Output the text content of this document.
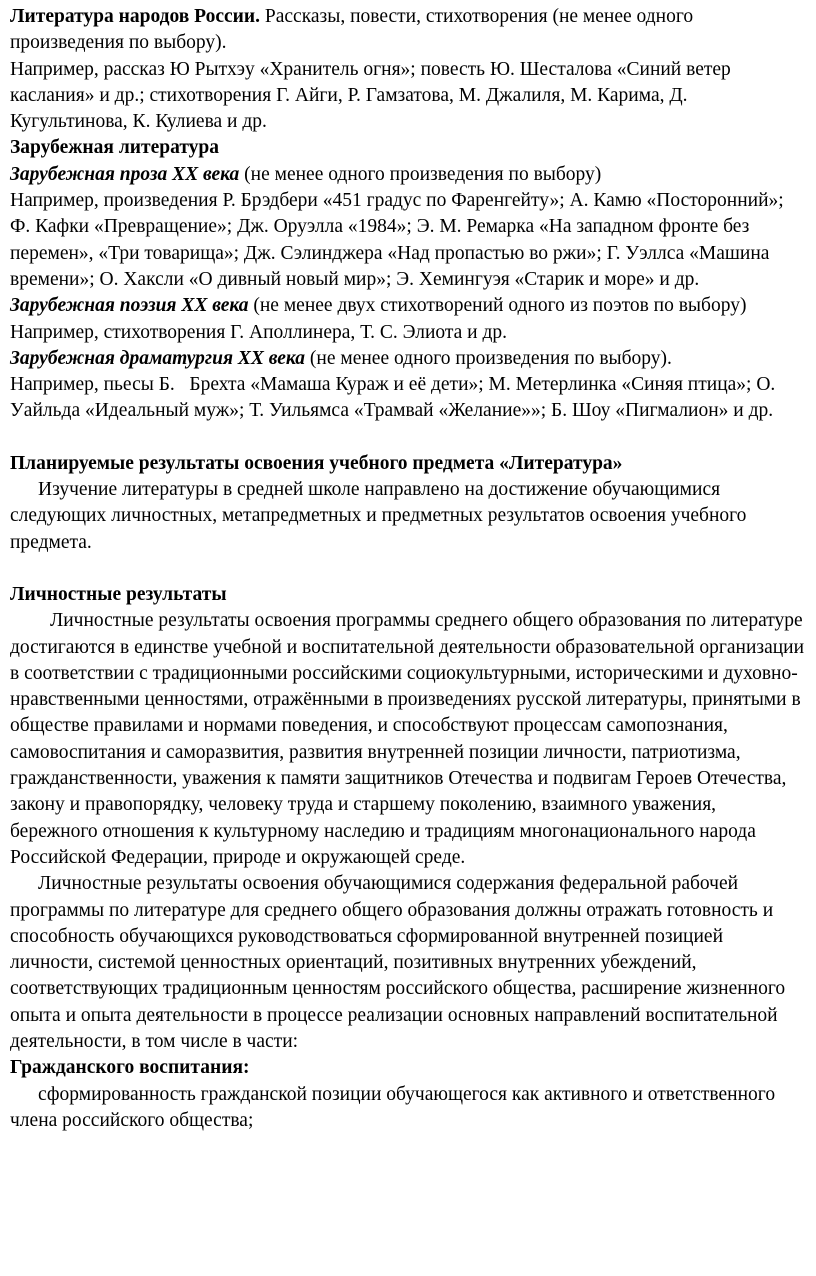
Литература народов России. Рассказы, повести, стихотворения (не менее одного произведения по выбору).

Например, рассказ Ю Рытхэу «Хранитель огня»; повесть Ю. Шесталова «Синий ветер каслания» и др.; стихотворения Г. Айги, Р. Гамзатова, М. Джалиля, М. Карима, Д. Кугультинова, К. Кулиева и др.

Зарубежная литература

Зарубежная проза XX века (не менее одного произведения по выбору)

Например, произведения Р. Брэдбери «451 градус по Фаренгейту»; А. Камю «Посторонний»; Ф. Кафки «Превращение»; Дж. Оруэлла «1984»; Э. М. Ремарка «На западном фронте без перемен», «Три товарища»; Дж. Сэлинджера «Над пропастью во ржи»; Г. Уэллса «Машина времени»; О. Хаксли «О дивный новый мир»; Э. Хемингуэя «Старик и море» и др.

Зарубежная поэзия XX века (не менее двух стихотворений одного из поэтов по выбору)

Например, стихотворения Г. Аполлинера, Т. С. Элиота и др.

Зарубежная драматургия XX века (не менее одного произведения по выбору).

Например, пьесы Б.   Брехта «Мамаша Кураж и её дети»; М. Метерлинка «Синяя птица»; О. Уайльда «Идеальный муж»; Т. Уильямса «Трамвай «Желание»»; Б. Шоу «Пигмалион» и др.

Планируемые результаты освоения учебного предмета «Литература»

Изучение литературы в средней школе направлено на достижение обучающимися следующих личностных, метапредметных и предметных результатов освоения учебного предмета.

Личностные результаты

Личностные результаты освоения программы среднего общего образования по литературе достигаются в единстве учебной и воспитательной деятельности образовательной организации в соответствии с традиционными российскими социокультурными, историческими и духовно-нравственными ценностями, отражёнными в произведениях русской литературы, принятыми в обществе правилами и нормами поведения, и способствуют процессам самопознания, самовоспитания и саморазвития, развития внутренней позиции личности, патриотизма, гражданственности, уважения к памяти защитников Отечества и подвигам Героев Отечества, закону и правопорядку, человеку труда и старшему поколению, взаимного уважения, бережного отношения к культурному наследию и традициям многонационального народа Российской Федерации, природе и окружающей среде.

Личностные результаты освоения обучающимися содержания федеральной рабочей программы по литературе для среднего общего образования должны отражать готовность и способность обучающихся руководствоваться сформированной внутренней позицией личности, системой ценностных ориентаций, позитивных внутренних убеждений, соответствующих традиционным ценностям российского общества, расширение жизненного опыта и опыта деятельности в процессе реализации основных направлений воспитательной деятельности, в том числе в части:

Гражданского воспитания:

сформированность гражданской позиции обучающегося как активного и ответственного члена российского общества;
